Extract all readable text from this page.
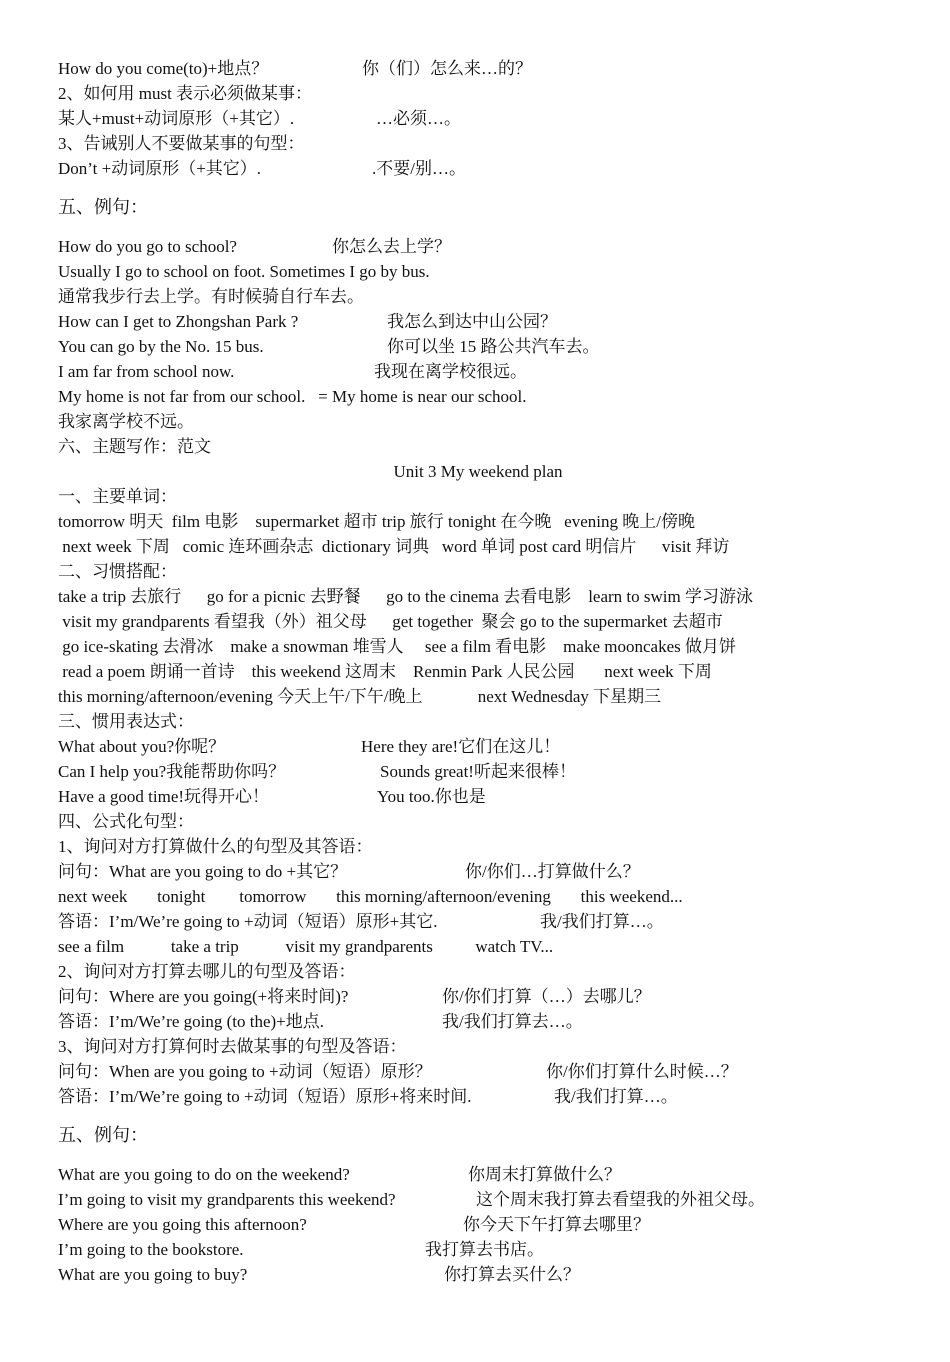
How do you come(to)+地点？

	你（们）怎么来…的？

2、如何用 must 表示必须做某事：

某人+must+动词原形（+其它）.

	…必须…。

3、告诫别人不要做某事的句型：

Don’t +动词原形（+其它）.

	.不要/别…。

五、例句：

How do you go to school?

	你怎么去上学？

Usually I go to school on foot. Sometimes I go by bus.
通常我步行去上学。有时候骑自行车去。

How can I get to Zhongshan Park ?

	我怎么到达中山公园？

You can go by the No. 15 bus.

	你可以坐 15 路公共汽车去。

I am far from school now.

	我现在离学校很远。

My home is not far from our school.   = My home is near our school.
我家离学校不远。
六、主题写作：范文
Unit 3 My weekend plan
一、主要单词：
tomorrow 明天  film 电影    supermarket 超市 trip 旅行 tonight 在今晚   evening 晚上/傍晚
next week 下周   comic 连环画杂志  dictionary 词典   word 单词 post card 明信片      visit 拜访
二、习惯搭配：
take a trip 去旅行      go for a picnic 去野餐      go to the cinema 去看电影    learn to swim 学习游泳
visit my grandparents 看望我（外）祖父母      get together  聚会 go to the supermarket 去超市
go ice-skating 去滑冰    make a snowman 堆雪人     see a film 看电影    make mooncakes 做月饼
read a poem 朗诵一首诗    this weekend 这周末    Renmin Park 人民公园       next week 下周
this morning/afternoon/evening 今天上午/下午/晚上             next Wednesday 下星期三
三、惯用表达式：

What about you?你呢？

	Here they are!它们在这儿！

Can I help you?我能帮助你吗？

	Sounds great!听起来很棒！

Have a good time!玩得开心！

	You too.你也是

四、公式化句型：
1、询问对方打算做什么的句型及其答语：

问句：What are you going to do +其它？

	你/你们…打算做什么？

next week       tonight        tomorrow       this morning/afternoon/evening       this weekend...

答语：I’m/We’re going to +动词（短语）原形+其它.

	我/我们打算…。

see a film           take a trip           visit my grandparents          watch TV...
2、询问对方打算去哪儿的句型及答语：

问句：Where are you going(+将来时间)?

	你/你们打算（…）去哪儿？

答语：I’m/We’re going (to the)+地点.

	我/我们打算去…。

3、询问对方打算何时去做某事的句型及答语：

问句：When are you going to +动词（短语）原形？

	你/你们打算什么时候…？

答语：I’m/We’re going to +动词（短语）原形+将来时间.

	我/我们打算…。

五、例句：

What are you going to do on the weekend?

	你周末打算做什么？

I’m going to visit my grandparents this weekend?

	这个周末我打算去看望我的外祖父母。

Where are you going this afternoon?

	你今天下午打算去哪里？

I’m going to the bookstore.

	我打算去书店。

What are you going to buy?

	你打算去买什么？
